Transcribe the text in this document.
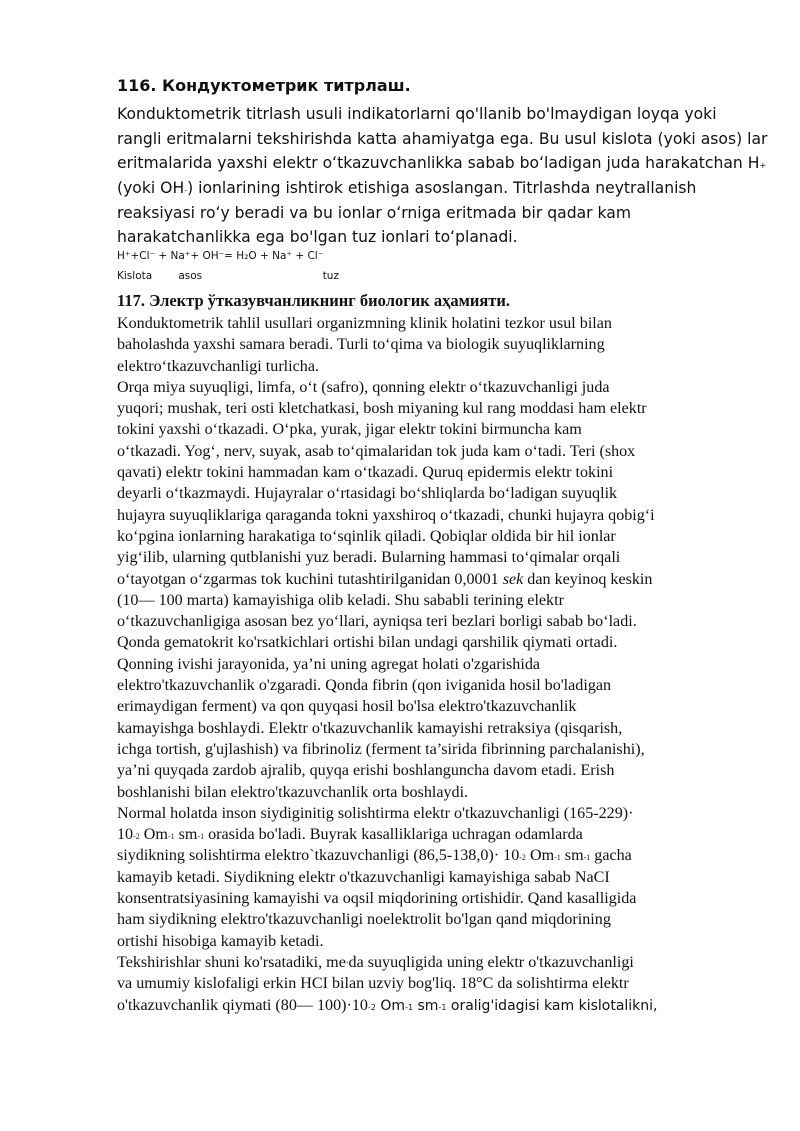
116. Кондуктометрик титрлаш.
Konduktometrik titrlash usuli indikatorlarni qo'llanib bo'lmaydigan loyqa yoki
rangli eritmalarni tekshirishda katta ahamiyatga ega. Bu usul kislota (yoki asos) lar
eritmalarida yaxshi elektr oʻtkazuvchanlikka sabab boʻladigan juda harakatchan H+
(yoki OH-) ionlarining ishtirok etishiga asoslangan. Titrlashda neytrallanish
reaksiyasi roʻy beradi va bu ionlar oʻrniga eritmada bir qadar kam
harakatchanlikka ega bo'lgan tuz ionlari toʻplanadi.
H⁺+Cl⁻ + Na⁺+ OH⁻= H₂O + Na⁺ + Cl⁻
Kislota asos	tuz
117. Электр ўтказувчанликнинг биологик аҳамияти.
Konduktometrik tahlil usullari organizmning klinik holatini tezkor usul bilan
baholashda yaxshi samara beradi. Turli toʻqima va biologik suyuqliklarning
elektroʻtkazuvchanligi turlicha.
Orqa miya suyuqligi, limfa, oʻt (safro), qonning elektr oʻtkazuvchanligi juda
yuqori; mushak, teri osti kletchatkasi, bosh miyaning kul rang moddasi ham elektr
tokini yaxshi oʻtkazadi. Oʻpka, yurak, jigar elektr tokini birmuncha kam
oʻtkazadi. Yogʻ, nerv, suyak, asab toʻqimalaridan tok juda kam oʻtadi. Teri (shox
qavati) elektr tokini hammadan kam oʻtkazadi. Quruq epidermis elektr tokini
deyarli oʻtkazmaydi. Hujayralar oʻrtasidagi boʻshliqlarda boʻladigan suyuqlik
hujayra suyuqliklariga qaraganda tokni yaxshiroq oʻtkazadi, chunki hujayra qobigʻi
koʻpgina ionlarning harakatiga toʻsqinlik qiladi. Qobiqlar oldida bir hil ionlar
yigʻilib, ularning qutblanishi yuz beradi. Bularning hammasi toʻqimalar orqali
oʻtayotgan oʻzgarmas tok kuchini tutashtirilganidan 0,0001 sek dan keyinoq keskin
(10— 100 marta) kamayishiga olib keladi. Shu sababli terining elektr
oʻtkazuvchanligiga asosan bez yoʻllari, ayniqsa teri bezlari borligi sabab boʻladi.
Qonda gematokrit ko'rsatkichlari ortishi bilan undagi qarshilik qiymati ortadi.
Qonning ivishi jarayonida, ya’ni uning agregat holati o'zgarishida
elektro'tkazuvchanlik o'zgaradi. Qonda fibrin (qon iviganida hosil bo'ladigan
erimaydigan ferment) va qon quyqasi hosil bo'lsa elektro'tkazuvchanlik
kamayishga boshlaydi. Elektr o'tkazuvchanlik kamayishi retraksiya (qisqarish,
ichga tortish, g'ujlashish) va fibrinoliz (ferment ta’sirida fibrinning parchalanishi),
ya’ni quyqada zardob ajralib, quyqa erishi boshlanguncha davom etadi. Erish
boshlanishi bilan elektro'tkazuvchanlik orta boshlaydi.
Normal holatda inson siydiginitig solishtirma elektr o'tkazuvchanligi (165-229)·
10-2 Om-1 sm-1 orasida bo'ladi. Buyrak kasalliklariga uchragan odamlarda
siydikning solishtirma elektro`tkazuvchanligi (86,5-138,0)· 10-2 Om-1 sm-1 gacha
kamayib ketadi. Siydikning elektr o'tkazuvchanligi kamayishiga sabab NaCI
konsentratsiyasining kamayishi va oqsil miqdorining ortishidir. Qand kasalligida
ham siydikning elektro'tkazuvchanligi noelektrolit bo'lgan qand miqdorining
ortishi hisobiga kamayib ketadi.
Tekshirishlar shuni ko'rsatadiki, me’da suyuqligida uning elektr o'tkazuvchanligi
va umumiy kislofaligi erkin HCI bilan uzviy bog'liq. 18°C da solishtirma elektr
o'tkazuvchanlik qiymati (80— 100)·10-2 Om-1 sm-1 oralig'idagisi kam kislotalikni,
